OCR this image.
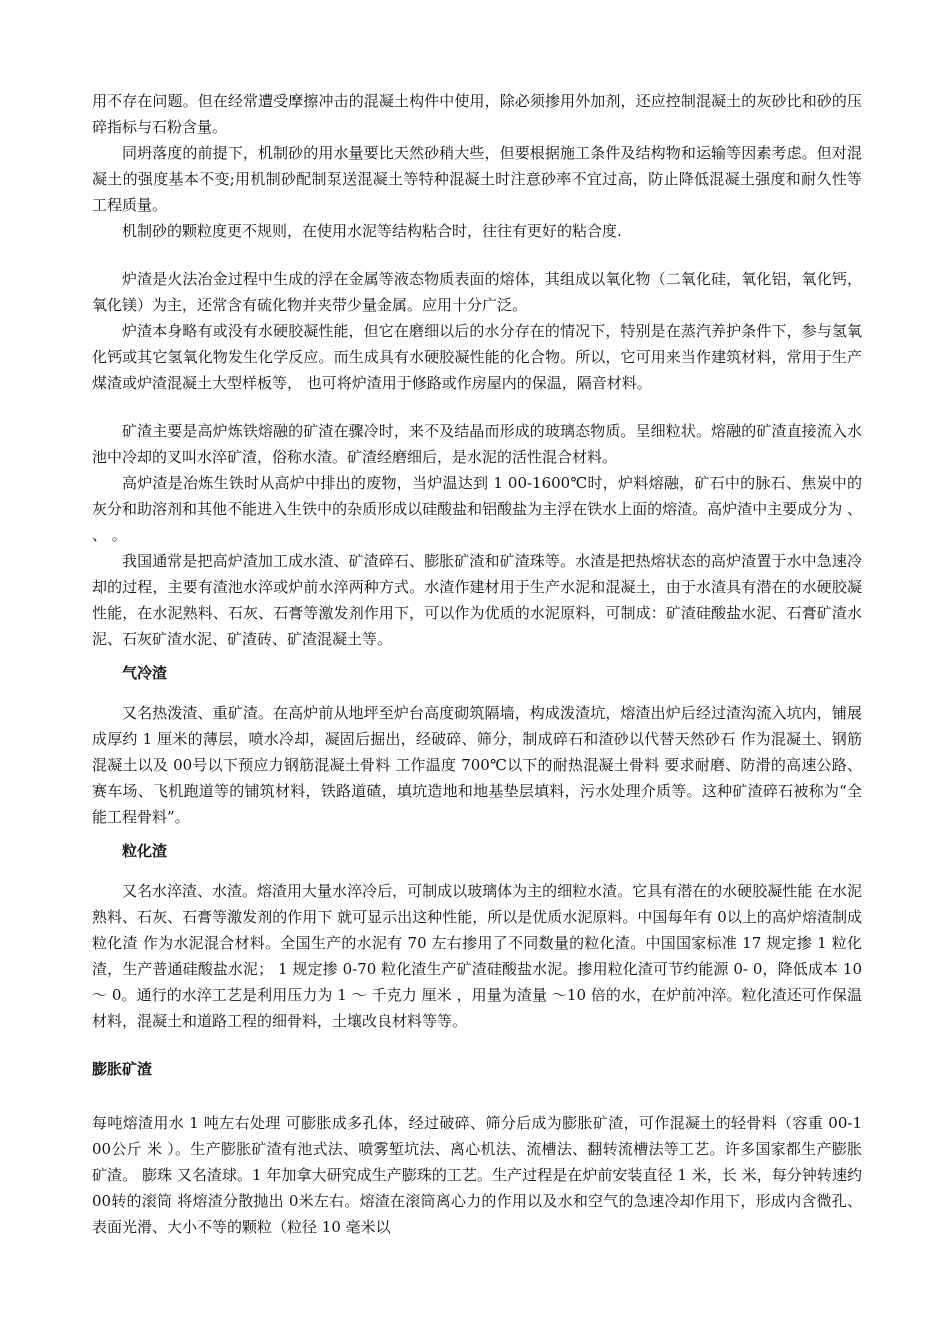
用不存在问题。但在经常遭受摩擦冲击的混凝土构件中使用，除必须掺用外加剂，还应控制混凝土的灰砂比和砂的压碎指标与石粉含量。

同坍落度的前提下，机制砂的用水量要比天然砂稍大些，但要根据施工条件及结构物和运输等因素考虑。但对混凝土的强度基本不变;用机制砂配制泵送混凝土等特种混凝土时注意砂率不宜过高，防止降低混凝土强度和耐久性等工程质量。

机制砂的颗粒度更不规则，在使用水泥等结构粘合时，往往有更好的粘合度.

炉渣是火法冶金过程中生成的浮在金属等液态物质表面的熔体，其组成以氧化物（二氧化硅，氧化铝，氧化钙，氧化镁）为主，还常含有硫化物并夹带少量金属。应用十分广泛。

炉渣本身略有或没有水硬胶凝性能，但它在磨细以后的水分存在的情况下，特别是在蒸汽养护条件下，参与氢氧化钙或其它氢氧化物发生化学反应。而生成具有水硬胶凝性能的化合物。所以，它可用来当作建筑材料，常用于生产煤渣或炉渣混凝土大型样板等， 也可将炉渣用于修路或作房屋内的保温，隔音材料。

矿渣主要是高炉炼铁熔融的矿渣在骤冷时，来不及结晶而形成的玻璃态物质。呈细粒状。熔融的矿渣直接流入水池中冷却的叉叫水淬矿渣，俗称水渣。矿渣经磨细后，是水泥的活性混合材料。

高炉渣是冶炼生铁时从高炉中排出的废物，当炉温达到 1 00-1600℃时，炉料熔融，矿石中的脉石、焦炭中的灰分和助溶剂和其他不能进入生铁中的杂质形成以硅酸盐和铝酸盐为主浮在铁水上面的熔渣。高炉渣中主要成分为 、 、 。

我国通常是把高炉渣加工成水渣、矿渣碎石、膨胀矿渣和矿渣珠等。水渣是把热熔状态的高炉渣置于水中急速冷却的过程，主要有渣池水淬或炉前水淬两种方式。水渣作建材用于生产水泥和混凝土，由于水渣具有潜在的水硬胶凝性能，在水泥熟料、石灰、石膏等激发剂作用下，可以作为优质的水泥原料，可制成：矿渣硅酸盐水泥、石膏矿渣水泥、石灰矿渣水泥、矿渣砖、矿渣混凝土等。

气冷渣

又名热泼渣、重矿渣。在高炉前从地坪至炉台高度砌筑隔墙，构成泼渣坑，熔渣出炉后经过渣沟流入坑内，铺展成厚约 1 厘米的薄层，喷水冷却，凝固后掘出，经破碎、筛分，制成碎石和渣砂以代替天然砂石 作为混凝土、钢筋混凝土以及 00号以下预应力钢筋混凝土骨料 工作温度 700℃以下的耐热混凝土骨料 要求耐磨、防滑的高速公路、赛车场、飞机跑道等的铺筑材料，铁路道碴，填坑造地和地基垫层填料，污水处理介质等。这种矿渣碎石被称为“全能工程骨料”。

粒化渣

又名水淬渣、水渣。熔渣用大量水淬冷后，可制成以玻璃体为主的细粒水渣。它具有潜在的水硬胶凝性能 在水泥熟料、石灰、石膏等激发剂的作用下 就可显示出这种性能，所以是优质水泥原料。中国每年有 0以上的高炉熔渣制成粒化渣 作为水泥混合材料。全国生产的水泥有 70 左右掺用了不同数量的粒化渣。中国国家标准 17 规定掺 1 粒化渣，生产普通硅酸盐水泥； 1 规定掺 0-70 粒化渣生产矿渣硅酸盐水泥。掺用粒化渣可节约能源 0- 0，降低成本 10～ 0。通行的水淬工艺是利用压力为 1 ～ 千克力 厘米 ，用量为渣量 ～10 倍的水，在炉前冲淬。粒化渣还可作保温材料，混凝土和道路工程的细骨料，土壤改良材料等等。

膨胀矿渣

每吨熔渣用水 1 吨左右处理 可膨胀成多孔体，经过破碎、筛分后成为膨胀矿渣，可作混凝土的轻骨料（容重 00-1 00公斤 米 ）。生产膨胀矿渣有池式法、喷雾堑坑法、离心机法、流槽法、翻转流槽法等工艺。许多国家都生产膨胀矿渣。 膨珠 又名渣球。1 年加拿大研究成生产膨珠的工艺。生产过程是在炉前安装直径 1 米，长 米，每分钟转速约 00转的滚筒 将熔渣分散抛出 0米左右。熔渣在滚筒离心力的作用以及水和空气的急速冷却作用下，形成内含微孔、表面光滑、大小不等的颗粒（粒径 10 毫米以
